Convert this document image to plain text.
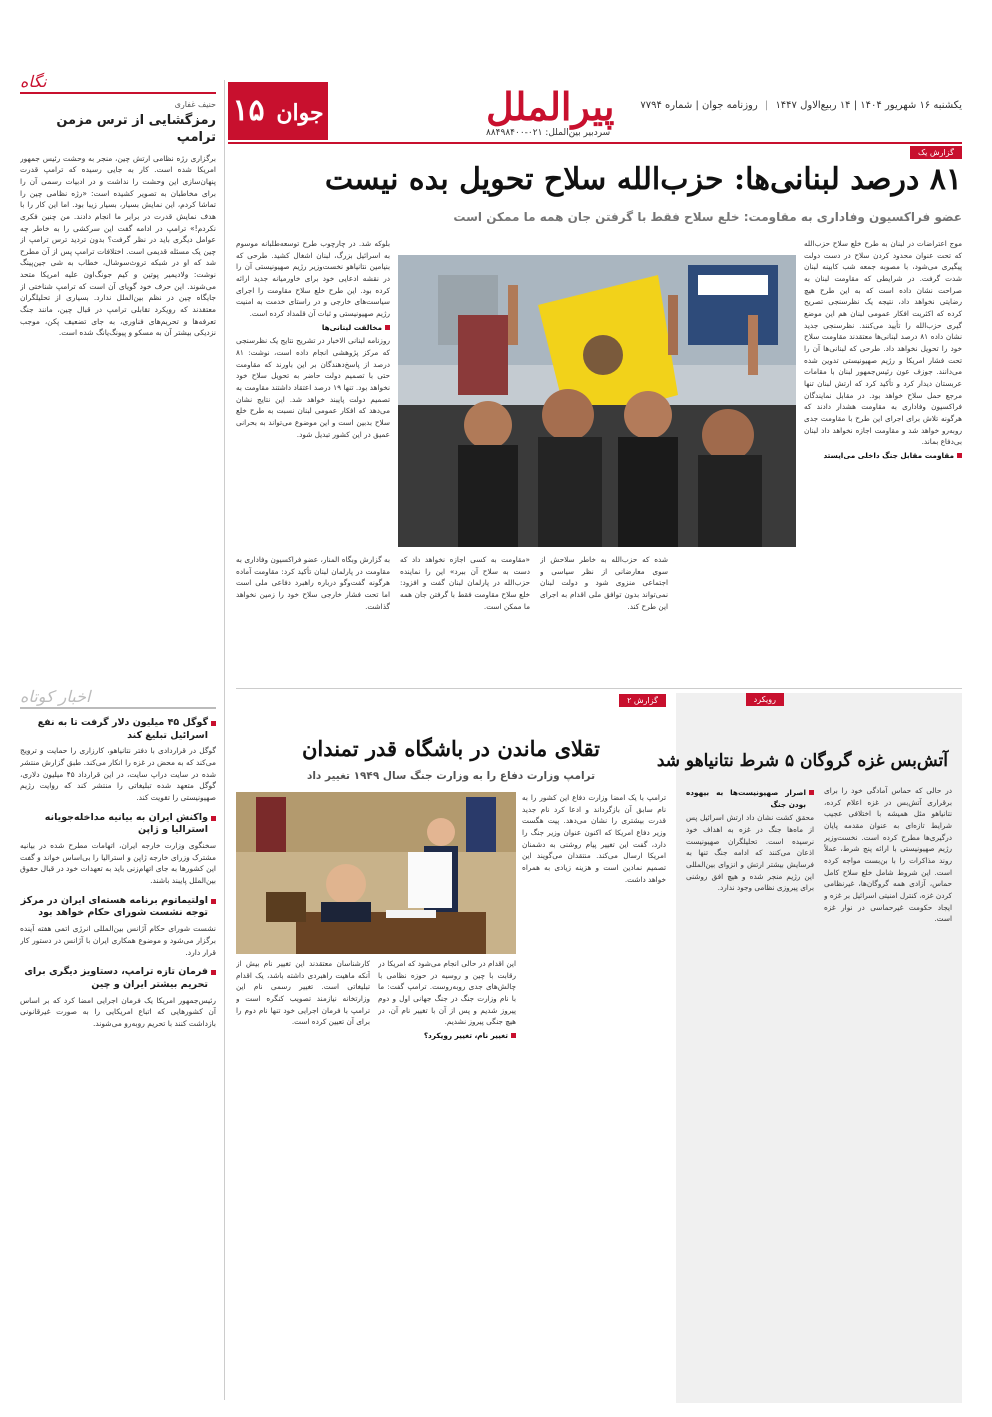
یکشنبه ۱۶ شهریور ۱۴۰۴ | ۱۴ ربیع‌الاول ۱۴۴۷ | روزنامه جوان | شماره ۷۷۹۴
پیرالملل
سردبیر بین‌الملل: ۰۲۱-۸۸۴۹۸۴۰۰
جوان ۱۵
نگاه
حنیف غفاری
رمزگشایی از ترس مزمن ترامپ
برگزاری رژه نظامی ارتش چین، منجر به وحشت رئیس جمهور امریکا شده است. کار به جایی رسیده که ترامپ قدرت پنهان‌سازی این وحشت را نداشت و در ادبیات رسمی آن را برای مخاطبان به تصویر کشیده است: «رژه نظامی چین را تماشا کردم، این نمایش بسیار، بسیار زیبا بود. اما این کار را با هدف نمایش قدرت در برابر ما انجام دادند. من چنین فکری نکردم!» ترامپ در ادامه گفت این سرکشی را به خاطر چه عوامل دیگری باید در نظر گرفت؟ بدون تردید ترس ترامپ از چین یک مسئله قدیمی است. اختلافات ترامپ پس از آن مطرح شد که او در شبکه تروث‌سوشال، خطاب به شی جین‌پینگ نوشت: ولادیمیر پوتین و کیم جونگ‌اون علیه امریکا متحد می‌شوند. این حرف خود گویای آن است که ترامپ شناختی از جایگاه چین در نظم بین‌الملل ندارد. بسیاری از تحلیلگران معتقدند که رویکرد تقابلی ترامپ در قبال چین، مانند جنگ تعرفه‌ها و تحریم‌های فناوری، به جای تضعیف پکن، موجب نزدیکی بیشتر آن به مسکو و پیونگ‌یانگ شده است.
اخبار کوتاه
گوگل ۴۵ میلیون دلار گرفت تا به نفع اسرائیل تبلیغ کند

گوگل در قراردادی با دفتر نتانیاهو، کارزاری را حمایت و ترویج می‌کند که به محض در غزه را انکار می‌کند. طبق گزارش منتشر شده در سایت دراپ سایت، در این قرارداد ۴۵ میلیون دلاری، گوگل متعهد شده تبلیغاتی را منتشر کند که روایت رژیم صهیونیستی را تقویت کند.

واکنش ایران به بیانیه مداخله‌جویانه استرالیا و ژاپن

سخنگوی وزارت خارجه ایران، اتهامات مطرح شده در بیانیه مشترک وزرای خارجه ژاپن و استرالیا را بی‌اساس خواند و گفت این کشورها به جای اتهام‌زنی باید به تعهدات خود در قبال حقوق بین‌الملل پایبند باشند.

اولتیماتوم برنامه هسته‌ای ایران در مرکز توجه نشست شورای حکام خواهد بود

نشست شورای حکام آژانس بین‌المللی انرژی اتمی هفته آینده برگزار می‌شود و موضوع همکاری ایران با آژانس در دستور کار قرار دارد.

فرمان تازه ترامپ، دستاویز دیگری برای تحریم بیشتر ایران و چین

رئیس‌جمهور امریکا یک فرمان اجرایی امضا کرد که بر اساس آن کشورهایی که اتباع امریکایی را به صورت غیرقانونی بازداشت کنند با تحریم روبه‌رو می‌شوند.

گزارش یک
۸۱ درصد لبنانی‌ها: حزب‌الله سلاح تحویل بده نیست
عضو فراکسیون وفاداری به مقاومت: خلع سلاح فقط با گرفتن جان همه ما ممکن است
موج اعتراضات در لبنان به طرح خلع سلاح حزب‌الله که تحت عنوان محدود کردن سلاح در دست دولت پیگیری می‌شود، با مصوبه جمعه شب کابینه لبنان شدت گرفت. در شرایطی که مقاومت لبنان به صراحت نشان داده است که به این طرح هیچ رضایتی نخواهد داد، نتیجه یک نظرسنجی تصریح کرده که اکثریت افکار عمومی لبنان هم این موضع گیری حزب‌الله را تأیید می‌کنند. نظرسنجی جدید نشان داده ۸۱ درصد لبنانی‌ها معتقدند مقاومت سلاح خود را تحویل نخواهد داد. طرحی که لبنانی‌ها آن را تحت فشار امریکا و رژیم صهیونیستی تدوین شده می‌دانند. جوزف عون رئیس‌جمهور لبنان با مقامات عربستان دیدار کرد و تأکید کرد که ارتش لبنان تنها مرجع حمل سلاح خواهد بود. در مقابل نمایندگان فراکسیون وفاداری به مقاومت هشدار دادند که هرگونه تلاش برای اجرای این طرح با مقاومت جدی روبه‌رو خواهد شد و مقاومت اجازه نخواهد داد لبنان بی‌دفاع بماند.
مقاومت مقابل جنگ داخلی می‌ایستد
بلوکه شد. در چارچوب طرح توسعه‌طلبانه موسوم به اسرائیل بزرگ، لبنان اشغال کشید. طرحی که بنیامین نتانیاهو نخست‌وزیر رژیم صهیونیستی آن را در نقشه ادعایی خود برای خاورمیانه جدید ارائه کرده بود. این طرح خلع سلاح مقاومت را اجرای سیاست‌های خارجی و در راستای خدمت به امنیت رژیم صهیونیستی و ثبات آن قلمداد کرده است.
مخالفت لبنانی‌ها
روزنامه لبنانی الاخبار در تشریح نتایج یک نظرسنجی که مرکز پژوهشی انجام داده است، نوشت: ۸۱ درصد از پاسخ‌دهندگان بر این باورند که مقاومت حتی با تصمیم دولت حاضر به تحویل سلاح خود نخواهد بود. تنها ۱۹ درصد اعتقاد داشتند مقاومت به تصمیم دولت پایبند خواهد شد. این نتایج نشان می‌دهد که افکار عمومی لبنان نسبت به طرح خلع سلاح بدبین است و این موضوع می‌تواند به بحرانی عمیق در این کشور تبدیل شود.
شده که حزب‌الله به خاطر سلاحش از سوی معارضانی از نظر سیاسی و اجتماعی منزوی شود و دولت لبنان نمی‌تواند بدون توافق ملی اقدام به اجرای این طرح کند.
«مقاومت به کسی اجازه نخواهد داد که دست به سلاح آن ببرد» این را نماینده حزب‌الله در پارلمان لبنان گفت و افزود: خلع سلاح مقاومت فقط با گرفتن جان همه ما ممکن است.
به گزارش وبگاه المنار، عضو فراکسیون وفاداری به مقاومت در پارلمان لبنان تأکید کرد: مقاومت آماده هرگونه گفت‌وگو درباره راهبرد دفاعی ملی است اما تحت فشار خارجی سلاح خود را زمین نخواهد گذاشت.
رویکرد
آتش‌بس غزه گروگان ۵ شرط نتانیاهو شد
در حالی که حماس آمادگی خود را برای برقراری آتش‌بس در غزه اعلام کرده، نتانیاهو مثل همیشه با اختلافی عجیب شرایط تازه‌ای به عنوان مقدمه پایان درگیری‌ها مطرح کرده است. نخست‌وزیر رژیم صهیونیستی با ارائه پنج شرط، عملاً روند مذاکرات را با بن‌بست مواجه کرده است. این شروط شامل خلع سلاح کامل حماس، آزادی همه گروگان‌ها، غیرنظامی کردن غزه، کنترل امنیتی اسرائیل بر غزه و ایجاد حکومت غیرحماسی در نوار غزه است.
اصرار صهیونیست‌ها به بیهوده بودن جنگ
محقق کشت نشان داد ارتش اسرائیل پس از ماه‌ها جنگ در غزه به اهداف خود نرسیده است. تحلیلگران صهیونیست اذعان می‌کنند که ادامه جنگ تنها به فرسایش بیشتر ارتش و انزوای بین‌المللی این رژیم منجر شده و هیچ افق روشنی برای پیروزی نظامی وجود ندارد.
گزارش ۲
تقلای ماندن در باشگاه قدر تمندان
ترامپ وزارت دفاع را به وزارت جنگ سال ۱۹۴۹ تغییر داد
ترامپ با یک امضا وزارت دفاع این کشور را به نام سابق آن بازگرداند و ادعا کرد نام جدید قدرت بیشتری را نشان می‌دهد. پیت هگست وزیر دفاع امریکا که اکنون عنوان وزیر جنگ را دارد، گفت این تغییر پیام روشنی به دشمنان امریکا ارسال می‌کند. منتقدان می‌گویند این تصمیم نمادین است و هزینه زیادی به همراه خواهد داشت.
کارشناسان معتقدند این تغییر نام بیش از آنکه ماهیت راهبردی داشته باشد، یک اقدام تبلیغاتی است. تغییر رسمی نام این وزارتخانه نیازمند تصویب کنگره است و ترامپ با فرمان اجرایی خود تنها نام دوم را برای آن تعیین کرده است.
این اقدام در حالی انجام می‌شود که امریکا در رقابت با چین و روسیه در حوزه نظامی با چالش‌های جدی روبه‌روست. ترامپ گفت: ما با نام وزارت جنگ در جنگ جهانی اول و دوم پیروز شدیم و پس از آن با تغییر نام آن، در هیچ جنگی پیروز نشدیم.
تغییر نام، تغییر رویکرد؟
